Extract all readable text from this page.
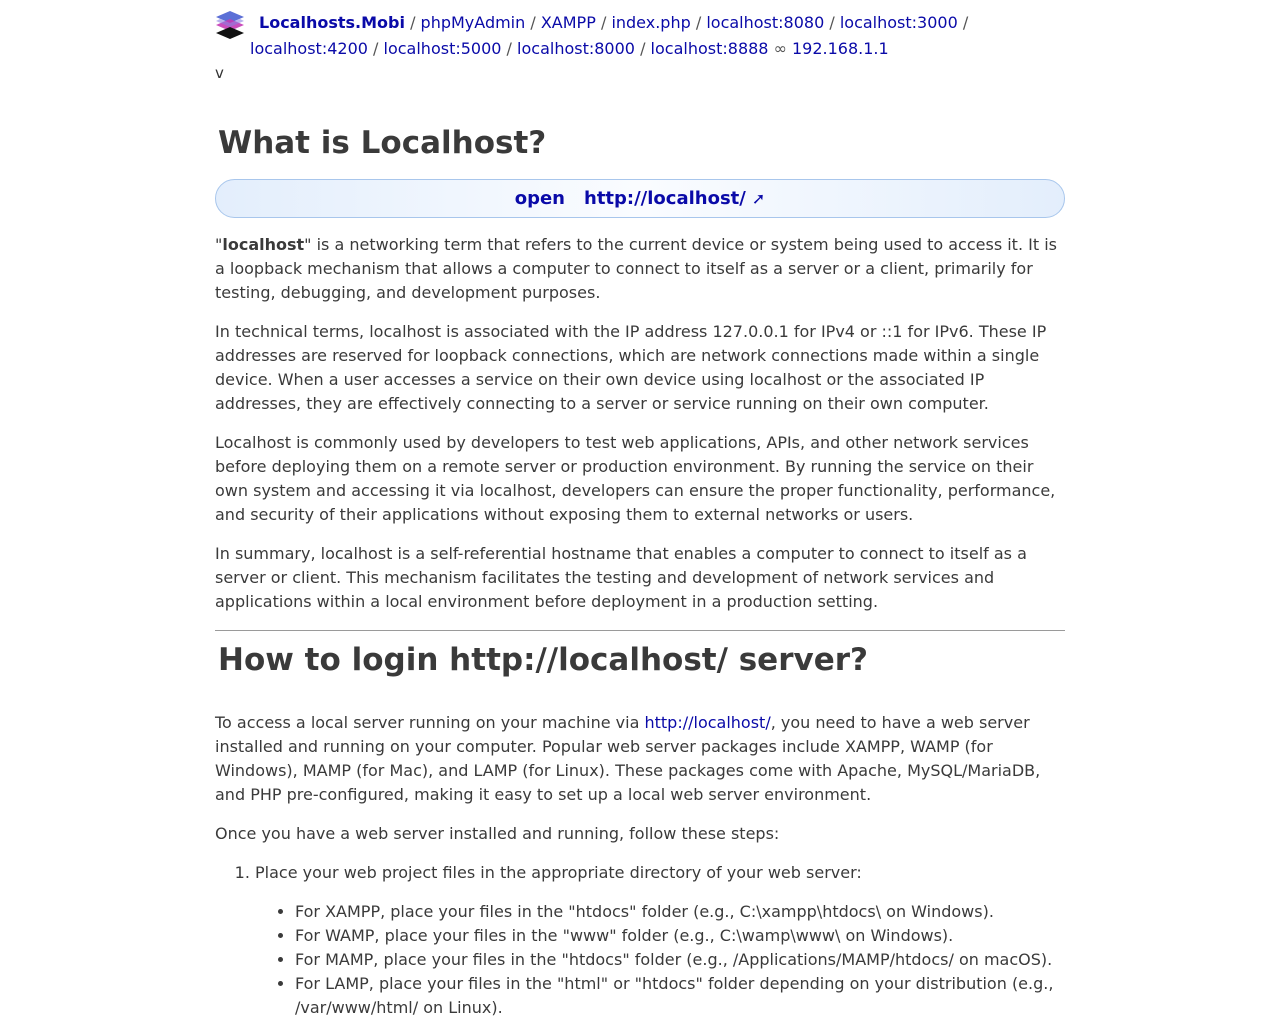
Localhosts.Mobi / phpMyAdmin / XAMPP / index.php / localhost:8080 / localhost:3000 /
localhost:4200 / localhost:5000 / localhost:8000 / localhost:8888 ∞ 192.168.1.1
v
What is Localhost?
open http://localhost/ ➚

"localhost" is a networking term that refers to the current device or system being used to access it. It is a loopback mechanism that allows a computer to connect to itself as a server or a client, primarily for testing, debugging, and development purposes.

In technical terms, localhost is associated with the IP address 127.0.0.1 for IPv4 or ::1 for IPv6. These IP addresses are reserved for loopback connections, which are network connections made within a single device. When a user accesses a service on their own device using localhost or the associated IP addresses, they are effectively connecting to a server or service running on their own computer.

Localhost is commonly used by developers to test web applications, APIs, and other network services before deploying them on a remote server or production environment. By running the service on their own system and accessing it via localhost, developers can ensure the proper functionality, performance, and security of their applications without exposing them to external networks or users.

In summary, localhost is a self-referential hostname that enables a computer to connect to itself as a server or client. This mechanism facilitates the testing and development of network services and applications within a local environment before deployment in a production setting.

How to login http://localhost/ server?

To access a local server running on your machine via http://localhost/, you need to have a web server installed and running on your computer. Popular web server packages include XAMPP, WAMP (for Windows), MAMP (for Mac), and LAMP (for Linux). These packages come with Apache, MySQL/MariaDB, and PHP pre-configured, making it easy to set up a local web server environment.

Once you have a web server installed and running, follow these steps:

1. Place your web project files in the appropriate directory of your web server:
• For XAMPP, place your files in the "htdocs" folder (e.g., C:\xampp\htdocs\ on Windows).
• For WAMP, place your files in the "www" folder (e.g., C:\wamp\www\ on Windows).
• For MAMP, place your files in the "htdocs" folder (e.g., /Applications/MAMP/htdocs/ on macOS).
• For LAMP, place your files in the "html" or "htdocs" folder depending on your distribution (e.g., /var/www/html/ on Linux).
